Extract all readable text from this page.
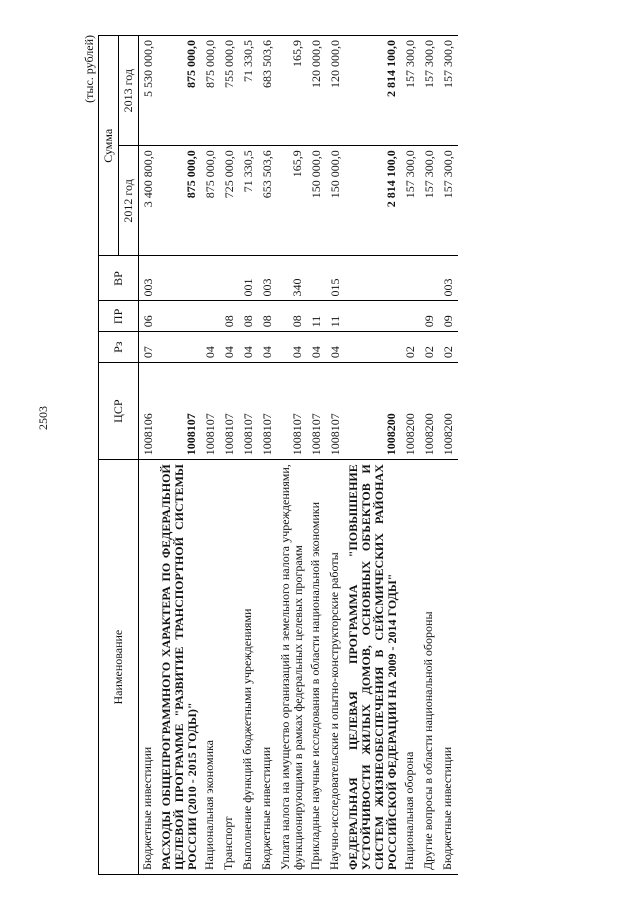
2503
(тыс. рублей)
Наименование	ЦСР	Рз	ПР	ВР	Сумма	
					2012 год	2013 год
Бюджетные инвестиции	1008106	07	06	003	3 400 800,0	5 530 000,0
РАСХОДЫ ОБЩЕПРОГРАММНОГО ХАРАКТЕРА ПО ФЕДЕРАЛЬНОЙ ЦЕЛЕВОЙ ПРОГРАММЕ "РАЗВИТИЕ ТРАНСПОРТНОЙ СИСТЕМЫ РОССИИ (2010 - 2015 ГОДЫ)"	1008107				875 000,0	875 000,0
Национальная экономика	1008107	04			875 000,0	875 000,0
Транспорт	1008107	04	08		725 000,0	755 000,0
Выполнение функций бюджетными учреждениями	1008107	04	08	001	71 330,5	71 330,5
Бюджетные инвестиции	1008107	04	08	003	653 503,6	683 503,6
Уплата налога на имущество организаций и земельного налога учреждениями, функционирующими в рамках федеральных целевых программ	1008107	04	08	340	165,9	165,9
Прикладные научные исследования в области национальной экономики	1008107	04	11		150 000,0	120 000,0
Научно-исследовательские и опытно-конструкторские работы	1008107	04	11	015	150 000,0	120 000,0
ФЕДЕРАЛЬНАЯ ЦЕЛЕВАЯ ПРОГРАММА "ПОВЫШЕНИЕ УСТОЙЧИВОСТИ ЖИЛЫХ ДОМОВ, ОСНОВНЫХ ОБЪЕКТОВ И СИСТЕМ ЖИЗНЕОБЕСПЕЧЕНИЯ В СЕЙСМИЧЕСКИХ РАЙОНАХ РОССИЙСКОЙ ФЕДЕРАЦИИ НА 2009 - 2014 ГОДЫ"	1008200				2 814 100,0	2 814 100,0
Национальная оборона	1008200	02			157 300,0	157 300,0
Другие вопросы в области национальной обороны	1008200	02	09		157 300,0	157 300,0
Бюджетные инвестиции	1008200	02	09	003	157 300,0	157 300,0
